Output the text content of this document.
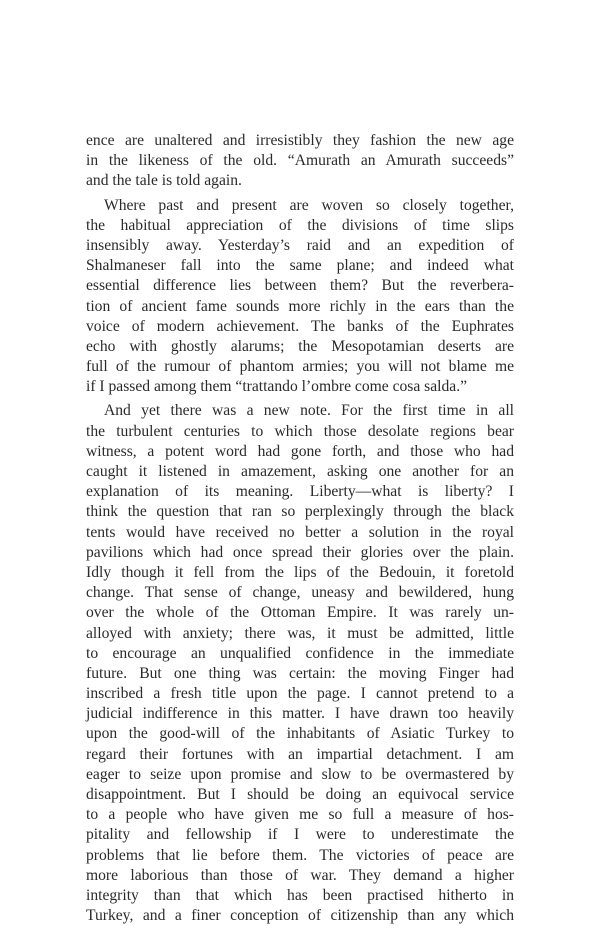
ence are unaltered and irresistibly they fashion the new age
in the likeness of the old. “Amurath an Amurath succeeds”
and the tale is told again.
Where past and present are woven so closely together,
the habitual appreciation of the divisions of time slips
insensibly away. Yesterday’s raid and an expedition of
Shalmaneser fall into the same plane; and indeed what
essential difference lies between them? But the reverbera-
tion of ancient fame sounds more richly in the ears than the
voice of modern achievement. The banks of the Euphrates
echo with ghostly alarums; the Mesopotamian deserts are
full of the rumour of phantom armies; you will not blame me
if I passed among them “trattando l’ombre come cosa salda.”
And yet there was a new note. For the first time in all
the turbulent centuries to which those desolate regions bear
witness, a potent word had gone forth, and those who had
caught it listened in amazement, asking one another for an
explanation of its meaning. Liberty—what is liberty? I
think the question that ran so perplexingly through the black
tents would have received no better a solution in the royal
pavilions which had once spread their glories over the plain.
Idly though it fell from the lips of the Bedouin, it foretold
change. That sense of change, uneasy and bewildered, hung
over the whole of the Ottoman Empire. It was rarely un-
alloyed with anxiety; there was, it must be admitted, little
to encourage an unqualified confidence in the immediate
future. But one thing was certain: the moving Finger had
inscribed a fresh title upon the page. I cannot pretend to a
judicial indifference in this matter. I have drawn too heavily
upon the good-will of the inhabitants of Asiatic Turkey to
regard their fortunes with an impartial detachment. I am
eager to seize upon promise and slow to be overmastered by
disappointment. But I should be doing an equivocal service
to a people who have given me so full a measure of hos-
pitality and fellowship if I were to underestimate the
problems that lie before them. The victories of peace are
more laborious than those of war. They demand a higher
integrity than that which has been practised hitherto in
Turkey, and a finer conception of citizenship than any which
